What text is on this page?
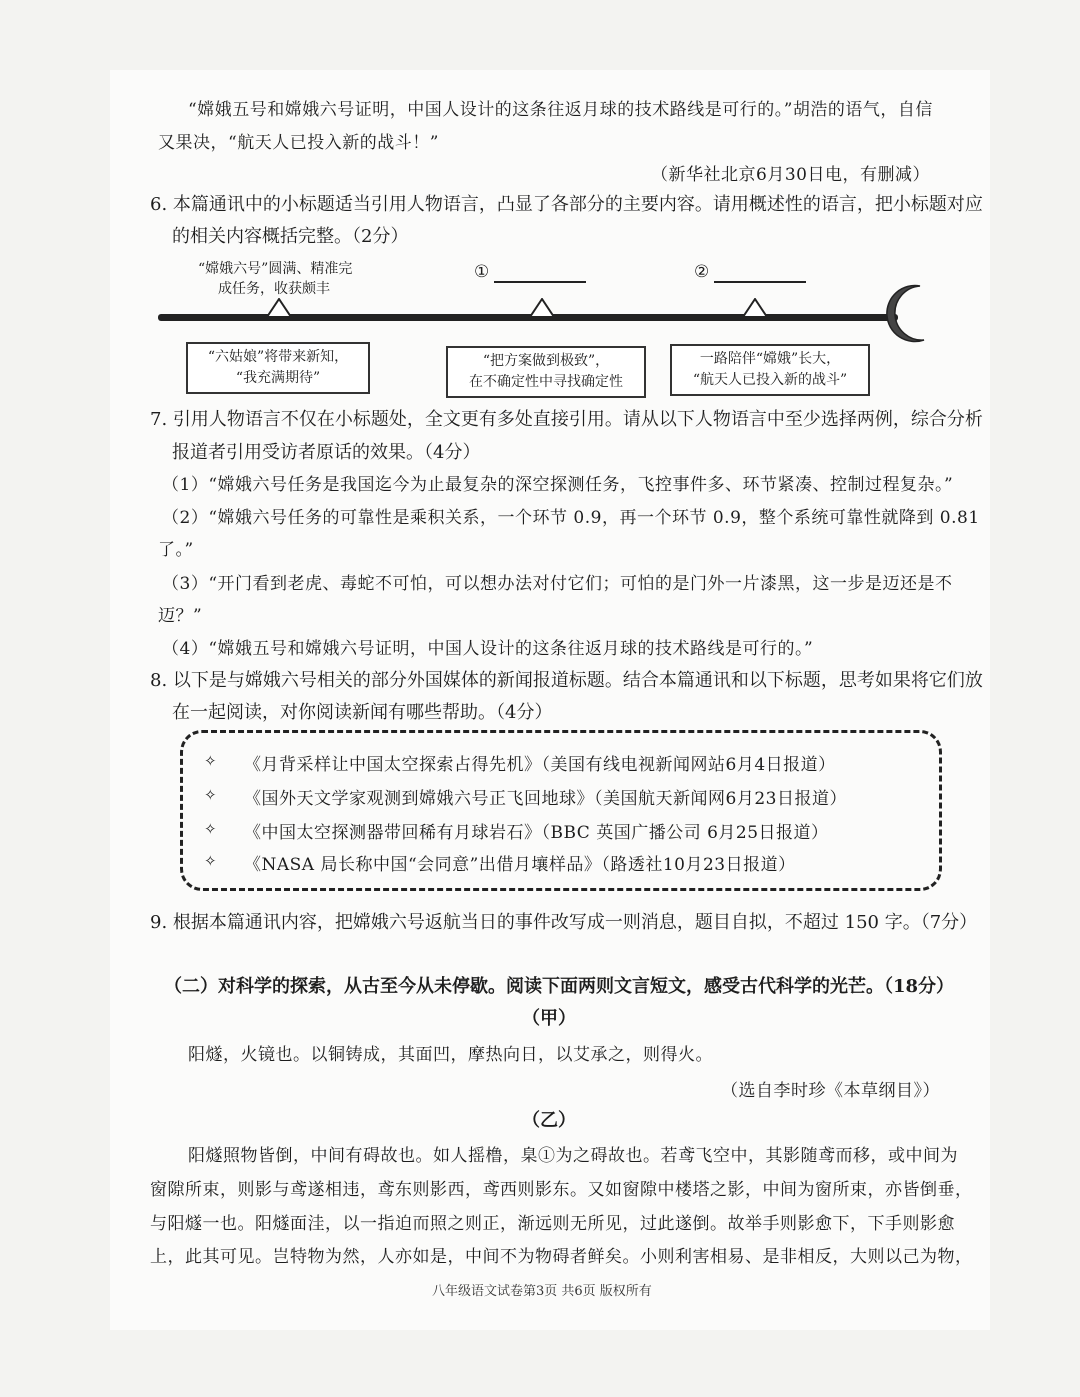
“嫦娥五号和嫦娥六号证明，中国人设计的这条往返月球的技术路线是可行的。”胡浩的语气，自信
又果决，“航天人已投入新的战斗！”
（新华社北京6月30日电，有删减）
6. 本篇通讯中的小标题适当引用人物语言，凸显了各部分的主要内容。请用概述性的语言，把小标题对应
的相关内容概括完整。（2分）
“嫦娥六号”圆满、精准完
成任务，收获颇丰
①	②
“六姑娘”将带来新知，
“我充满期待”
“把方案做到极致”，
在不确定性中寻找确定性
一路陪伴“嫦娥”长大，
“航天人已投入新的战斗”
7. 引用人物语言不仅在小标题处，全文更有多处直接引用。请从以下人物语言中至少选择两例，综合分析
报道者引用受访者原话的效果。（4分）
（1）“嫦娥六号任务是我国迄今为止最复杂的深空探测任务，飞控事件多、环节紧凑、控制过程复杂。”
（2）“嫦娥六号任务的可靠性是乘积关系，一个环节 0.9，再一个环节 0.9，整个系统可靠性就降到 0.81
了。”
（3）“开门看到老虎、毒蛇不可怕，可以想办法对付它们；可怕的是门外一片漆黑，这一步是迈还是不
迈？”
（4）“嫦娥五号和嫦娥六号证明，中国人设计的这条往返月球的技术路线是可行的。”
8. 以下是与嫦娥六号相关的部分外国媒体的新闻报道标题。结合本篇通讯和以下标题，思考如果将它们放
在一起阅读，对你阅读新闻有哪些帮助。（4分）
✧ 《月背采样让中国太空探索占得先机》（美国有线电视新闻网站6月4日报道）
✧ 《国外天文学家观测到嫦娥六号正飞回地球》（美国航天新闻网6月23日报道）
✧ 《中国太空探测器带回稀有月球岩石》（BBC 英国广播公司 6月25日报道）
✧ 《NASA 局长称中国“会同意”出借月壤样品》（路透社10月23日报道）
9. 根据本篇通讯内容，把嫦娥六号返航当日的事件改写成一则消息，题目自拟，不超过 150 字。（7分）
（二）对科学的探索，从古至今从未停歇。阅读下面两则文言短文，感受古代科学的光芒。（18分）
（甲）
阳燧，火镜也。以铜铸成，其面凹，摩热向日，以艾承之，则得火。
（选自李时珍《本草纲目》）
（乙）
阳燧照物皆倒，中间有碍故也。如人摇橹，臬①为之碍故也。若鸢飞空中，其影随鸢而移，或中间为
窗隙所束，则影与鸢遂相违，鸢东则影西，鸢西则影东。又如窗隙中楼塔之影，中间为窗所束，亦皆倒垂，
与阳燧一也。阳燧面洼，以一指迫而照之则正，渐远则无所见，过此遂倒。故举手则影愈下，下手则影愈
上，此其可见。岂特物为然，人亦如是，中间不为物碍者鲜矣。小则利害相易、是非相反，大则以己为物，
八年级语文试卷第3页 共6页 版权所有
